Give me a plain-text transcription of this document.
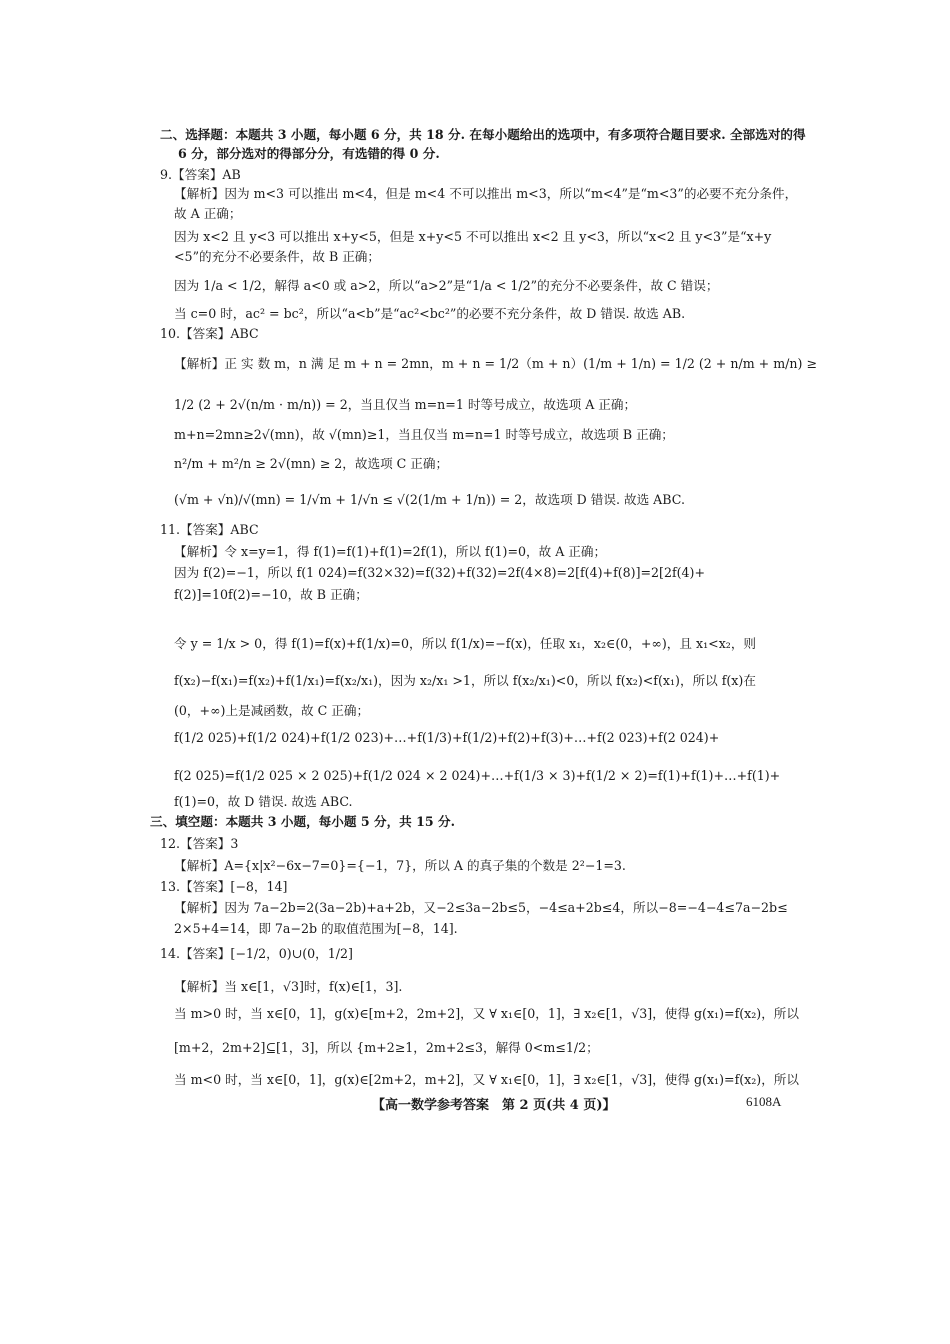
二、选择题：本题共 3 小题，每小题 6 分，共 18 分. 在每小题给出的选项中，有多项符合题目要求. 全部选对的得
6 分，部分选对的得部分分，有选错的得 0 分.
9.【答案】AB
【解析】因为 m<3 可以推出 m<4，但是 m<4 不可以推出 m<3，所以“m<4”是“m<3”的必要不充分条件，
故 A 正确；
因为 x<2 且 y<3 可以推出 x+y<5，但是 x+y<5 不可以推出 x<2 且 y<3，所以“x<2 且 y<3”是“x+y
<5”的充分不必要条件，故 B 正确；
因为 1/a < 1/2，解得 a<0 或 a>2，所以“a>2”是“1/a < 1/2”的充分不必要条件，故 C 错误；
当 c=0 时，ac² = bc²，所以“a<b”是“ac²<bc²”的必要不充分条件，故 D 错误. 故选 AB.
10.【答案】ABC
【解析】正 实 数 m，n 满 足 m + n = 2mn，m + n = 1/2（m + n）(1/m + 1/n) = 1/2 (2 + n/m + m/n) ≥
1/2 (2 + 2√(n/m · m/n)) = 2，当且仅当 m=n=1 时等号成立，故选项 A 正确；
m+n=2mn≥2√(mn)，故 √(mn)≥1，当且仅当 m=n=1 时等号成立，故选项 B 正确；
n²/m + m²/n ≥ 2√(mn) ≥ 2，故选项 C 正确；
(√m + √n)/√(mn) = 1/√m + 1/√n ≤ √(2(1/m + 1/n)) = 2，故选项 D 错误. 故选 ABC.
11.【答案】ABC
【解析】令 x=y=1，得 f(1)=f(1)+f(1)=2f(1)，所以 f(1)=0，故 A 正确；
因为 f(2)=−1，所以 f(1 024)=f(32×32)=f(32)+f(32)=2f(4×8)=2[f(4)+f(8)]=2[2f(4)+
f(2)]=10f(2)=−10，故 B 正确；
令 y = 1/x > 0，得 f(1)=f(x)+f(1/x)=0，所以 f(1/x)=−f(x)，任取 x₁，x₂∈(0，+∞)，且 x₁<x₂，则
f(x₂)−f(x₁)=f(x₂)+f(1/x₁)=f(x₂/x₁)，因为 x₂/x₁ >1，所以 f(x₂/x₁)<0，所以 f(x₂)<f(x₁)，所以 f(x)在
(0，+∞)上是减函数，故 C 正确；
f(1/2 025)+f(1/2 024)+f(1/2 023)+…+f(1/3)+f(1/2)+f(2)+f(3)+…+f(2 023)+f(2 024)+
f(2 025)=f(1/2 025 × 2 025)+f(1/2 024 × 2 024)+…+f(1/3 × 3)+f(1/2 × 2)=f(1)+f(1)+…+f(1)+
f(1)=0，故 D 错误. 故选 ABC.
三、填空题：本题共 3 小题，每小题 5 分，共 15 分.
12.【答案】3
【解析】A={x|x²−6x−7=0}={−1，7}，所以 A 的真子集的个数是 2²−1=3.
13.【答案】[−8，14]
【解析】因为 7a−2b=2(3a−2b)+a+2b，又−2≤3a−2b≤5，−4≤a+2b≤4，所以−8=−4−4≤7a−2b≤
2×5+4=14，即 7a−2b 的取值范围为[−8，14].
14.【答案】[−1/2，0)∪(0，1/2]
【解析】当 x∈[1，√3]时，f(x)∈[1，3].
当 m>0 时，当 x∈[0，1]，g(x)∈[m+2，2m+2]，又 ∀ x₁∈[0，1]，∃ x₂∈[1，√3]，使得 g(x₁)=f(x₂)，所以
[m+2，2m+2]⊆[1，3]，所以 {m+2≥1，2m+2≤3，解得 0<m≤1/2；
当 m<0 时，当 x∈[0，1]，g(x)∈[2m+2，m+2]，又 ∀ x₁∈[0，1]，∃ x₂∈[1，√3]，使得 g(x₁)=f(x₂)，所以
【高一数学参考答案　第 2 页(共 4 页)】	6108A
